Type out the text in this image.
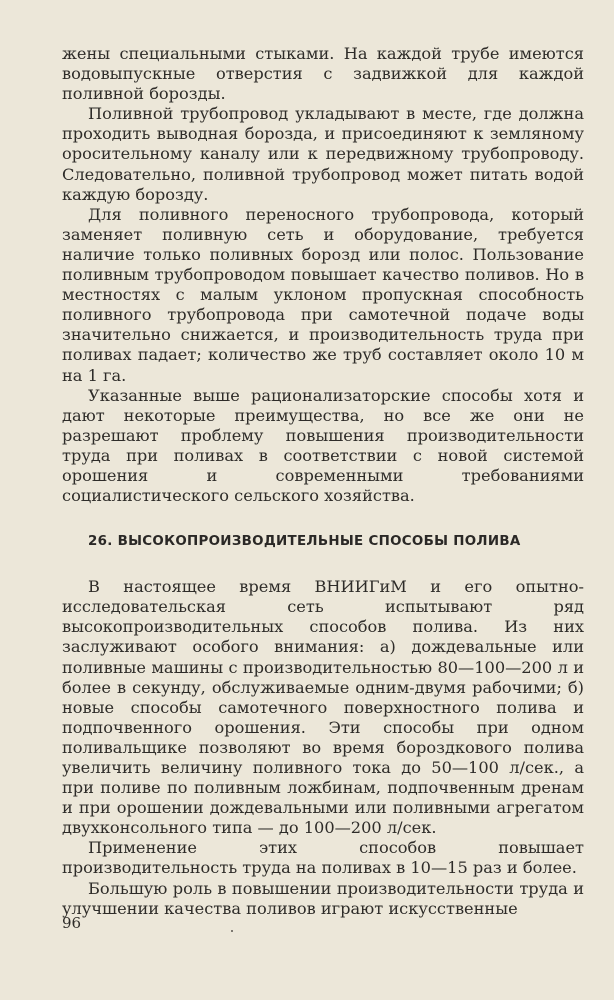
жены специальными стыками. На каждой трубе имеются водовыпускные отверстия с задвижкой для каждой поливной борозды.

Поливной трубопровод укладывают в месте, где должна проходить выводная борозда, и присоединяют к земляному оросительному каналу или к передвижному трубопроводу. Следовательно, поливной трубопровод может питать водой каждую борозду.

Для поливного переносного трубопровода, который заменяет поливную сеть и оборудование, требуется наличие только поливных борозд или полос. Пользование поливным трубопроводом повышает качество поливов. Но в местностях с малым уклоном пропускная способность поливного трубопровода при самотечной подаче воды значительно снижается, и производительность труда при поливах падает; количество же труб составляет около 10 м на 1 га.

Указанные выше рационализаторские способы хотя и дают некоторые преимущества, но все же они не разрешают проблему повышения производительности труда при поливах в соответствии с новой системой орошения и современными требованиями социалистического сельского хозяйства.

26. ВЫСОКОПРОИЗВОДИТЕЛЬНЫЕ СПОСОБЫ ПОЛИВА

В настоящее время ВНИИГиМ и его опытно-исследовательская сеть испытывают ряд высокопроизводительных способов полива. Из них заслуживают особого внимания: а) дождевальные или поливные машины с производительностью 80—100—200 л и более в секунду, обслуживаемые одним-двумя рабочими; б) новые способы самотечного поверхностного полива и подпочвенного орошения. Эти способы при одном поливальщике позволяют во время бороздкового полива увеличить величину поливного тока до 50—100 л/сек., а при поливе по поливным ложбинам, подпочвенным дренам и при орошении дождевальными или поливными агрегатом двухконсольного типа — до 100—200 л/сек.

Применение этих способов повышает производительность труда на поливах в 10—15 раз и более.

Большую роль в повышении производительности труда и улучшении качества поливов играют искусственные

96
